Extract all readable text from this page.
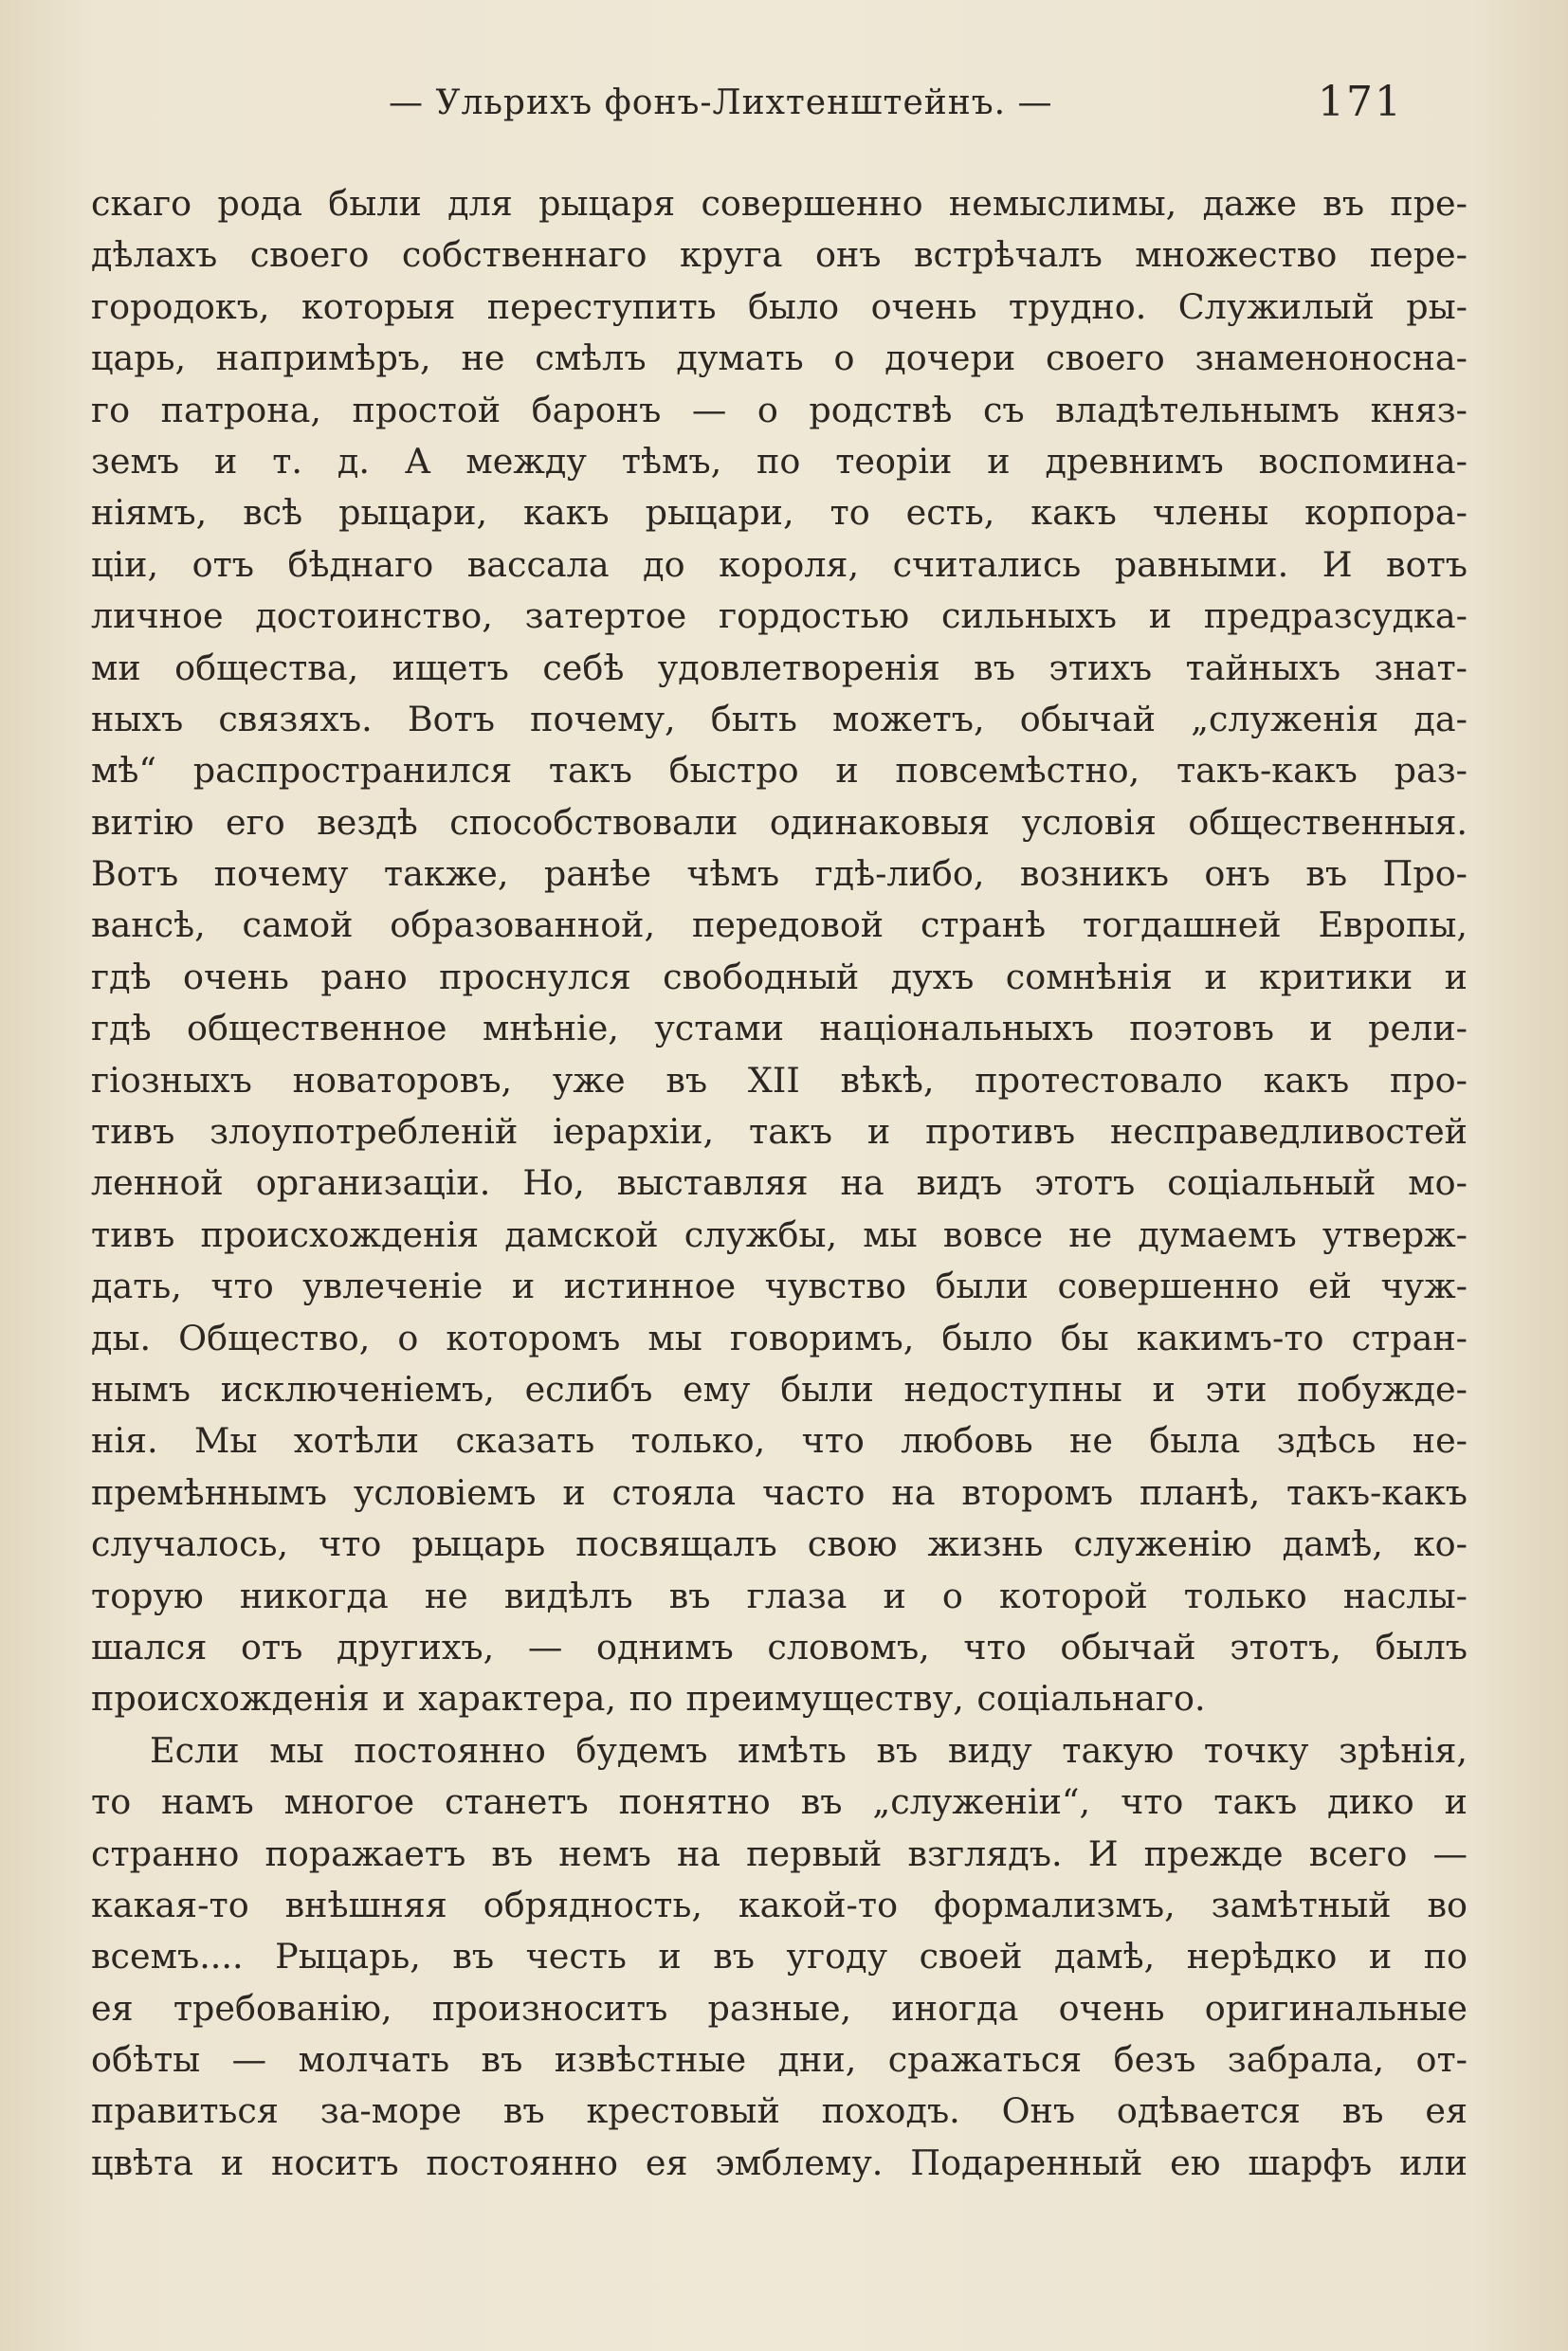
— Ульрихъ фонъ-Лихтенштейнъ. —	171
скаго рода были для рыцаря совершенно немыслимы, даже въ пре-
дѣлахъ своего собственнаго круга онъ встрѣчалъ множество пере-
городокъ, которыя переступить было очень трудно. Служилый ры-
царь, напримѣръ, не смѣлъ думать о дочери своего знаменоносна-
го патрона, простой баронъ — о родствѣ съ владѣтельнымъ княз-
земъ и т. д. А между тѣмъ, по теоріи и древнимъ воспомина-
ніямъ, всѣ рыцари, какъ рыцари, то есть, какъ члены корпора-
ціи, отъ бѣднаго вассала до короля, считались равными. И вотъ
личное достоинство, затертое гордостью сильныхъ и предразсудка-
ми общества, ищетъ себѣ удовлетворенія въ этихъ тайныхъ знат-
ныхъ связяхъ. Вотъ почему, быть можетъ, обычай „служенія да-
мѣ“ распространился такъ быстро и повсемѣстно, такъ-какъ раз-
витію его вездѣ способствовали одинаковыя условія общественныя.
Вотъ почему также, ранѣе чѣмъ гдѣ-либо, возникъ онъ въ Про-
вансѣ, самой образованной, передовой странѣ тогдашней Европы,
гдѣ очень рано проснулся свободный духъ сомнѣнія и критики и
гдѣ общественное мнѣніе, устами національныхъ поэтовъ и рели-
гіозныхъ новаторовъ, уже въ XII вѣкѣ, протестовало какъ про-
тивъ злоупотребленій іерархіи, такъ и противъ несправедливостей
ленной организаціи. Но, выставляя на видъ этотъ соціальный мо-
тивъ происхожденія дамской службы, мы вовсе не думаемъ утверж-
дать, что увлеченіе и истинное чувство были совершенно ей чуж-
ды. Общество, о которомъ мы говоримъ, было бы какимъ-то стран-
нымъ исключеніемъ, еслибъ ему были недоступны и эти побужде-
нія. Мы хотѣли сказать только, что любовь не была здѣсь не-
премѣннымъ условіемъ и стояла часто на второмъ планѣ, такъ-какъ
случалось, что рыцарь посвящалъ свою жизнь служенію дамѣ, ко-
торую никогда не видѣлъ въ глаза и о которой только наслы-
шался отъ другихъ, — однимъ словомъ, что обычай этотъ, былъ
происхожденія и характера, по преимуществу, соціальнаго.
Если мы постоянно будемъ имѣть въ виду такую точку зрѣнія,
то намъ многое станетъ понятно въ „служеніи“, что такъ дико и
странно поражаетъ въ немъ на первый взглядъ. И прежде всего —
какая-то внѣшняя обрядность, какой-то формализмъ, замѣтный во
всемъ.... Рыцарь, въ честь и въ угоду своей дамѣ, нерѣдко и по
ея требованію, произноситъ разные, иногда очень оригинальные
обѣты — молчать въ извѣстные дни, сражаться безъ забрала, от-
правиться за-море въ крестовый походъ. Онъ одѣвается въ ея
цвѣта и носитъ постоянно ея эмблему. Подаренный ею шарфъ или
